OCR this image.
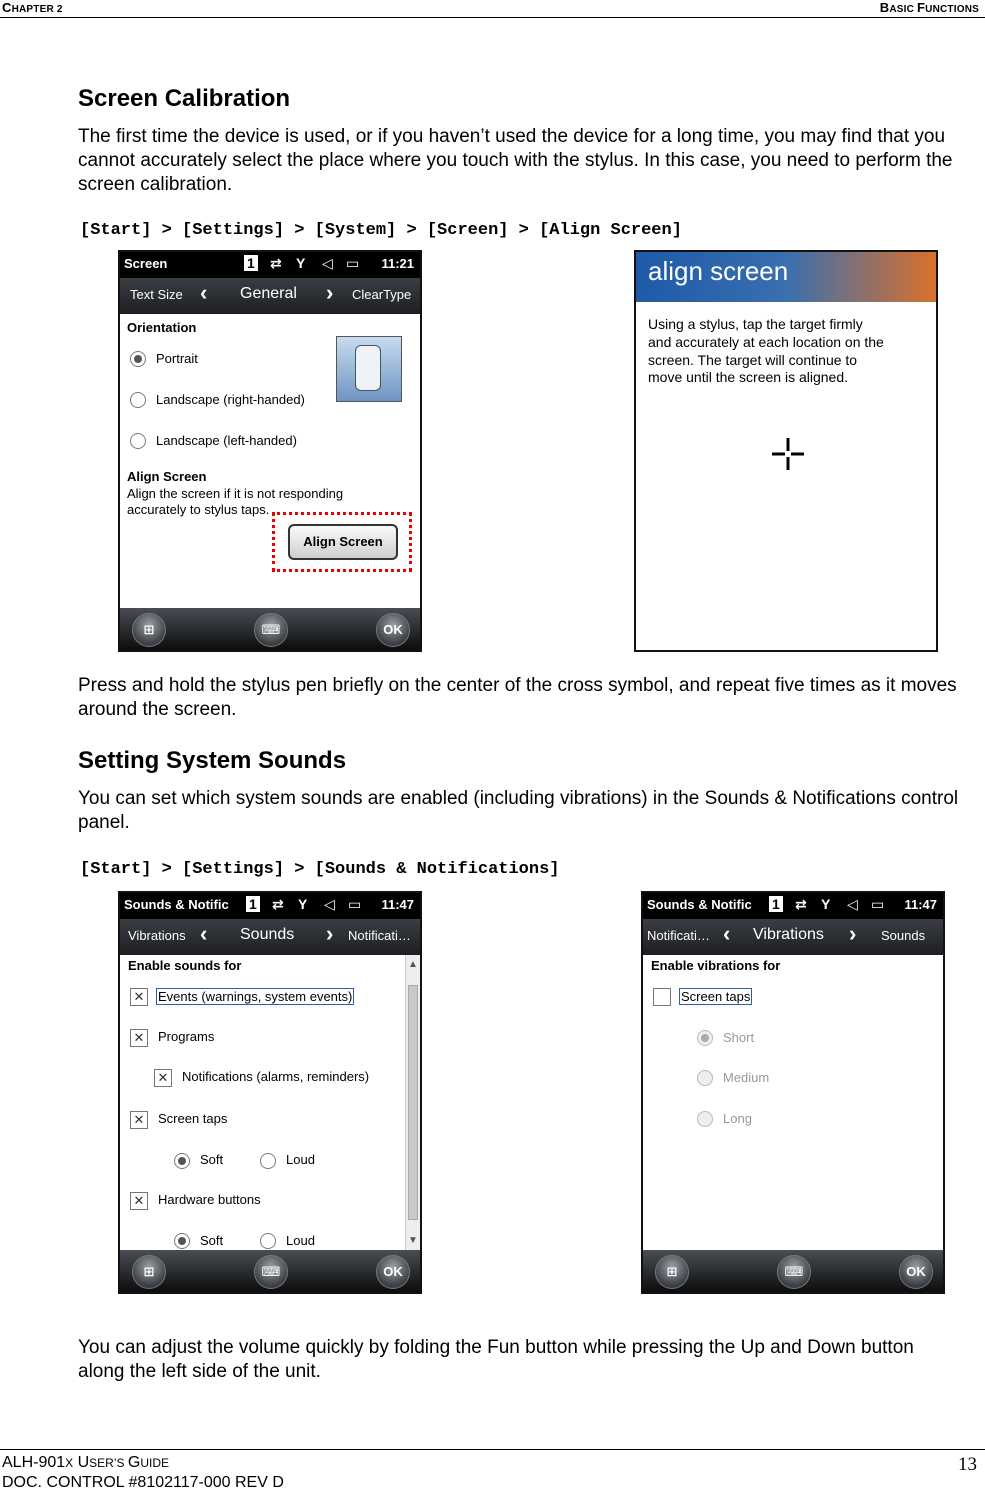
CHAPTER 2	BASIC FUNCTIONS
Screen Calibration

The first time the device is used, or if you haven’t used the device for a long time, you may find that you cannot accurately select the place where you touch with the stylus. In this case, you need to perform the screen calibration.

[Start] > [Settings] > [System] > [Screen] > [Align Screen]
Screen	1 ⇄ Y ◁ ▭ 11:21
Text Size ‹ General › ClearType
Orientation
Portrait
Landscape (right-handed)
Landscape (left-handed)
Align Screen
Align the screen if it is not responding
accurately to stylus taps.
Align Screen
⊞	⌨	OK
align screen
Using a stylus, tap the target firmly
and accurately at each location on the
screen. The target will continue to
move until the screen is aligned.

Press and hold the stylus pen briefly on the center of the cross symbol, and repeat five times as it moves around the screen.

Setting System Sounds

You can set which system sounds are enabled (including vibrations) in the Sounds & Notifications control panel.

[Start] > [Settings] > [Sounds & Notifications]
Sounds & Notific 1 ⇄ Y ◁ ▭ 11:47
Vibrations ‹ Sounds › Notificati…
Enable sounds for
✕ Events (warnings, system events)
✕ Programs
✕ Notifications (alarms, reminders)
✕ Screen taps
Soft	Loud
✕ Hardware buttons
Soft	Loud
▲
▼
⊞	⌨	OK
Sounds & Notific 1 ⇄ Y ◁ ▭ 11:47
Notificati… ‹ Vibrations › Sounds
Enable vibrations for
Screen taps
Short
Medium
Long
⊞	⌨	OK

You can adjust the volume quickly by folding the Fun button while pressing the Up and Down button along the left side of the unit.

ALH-901X USER’S GUIDE
DOC. CONTROL #8102117-000 REV D
13
